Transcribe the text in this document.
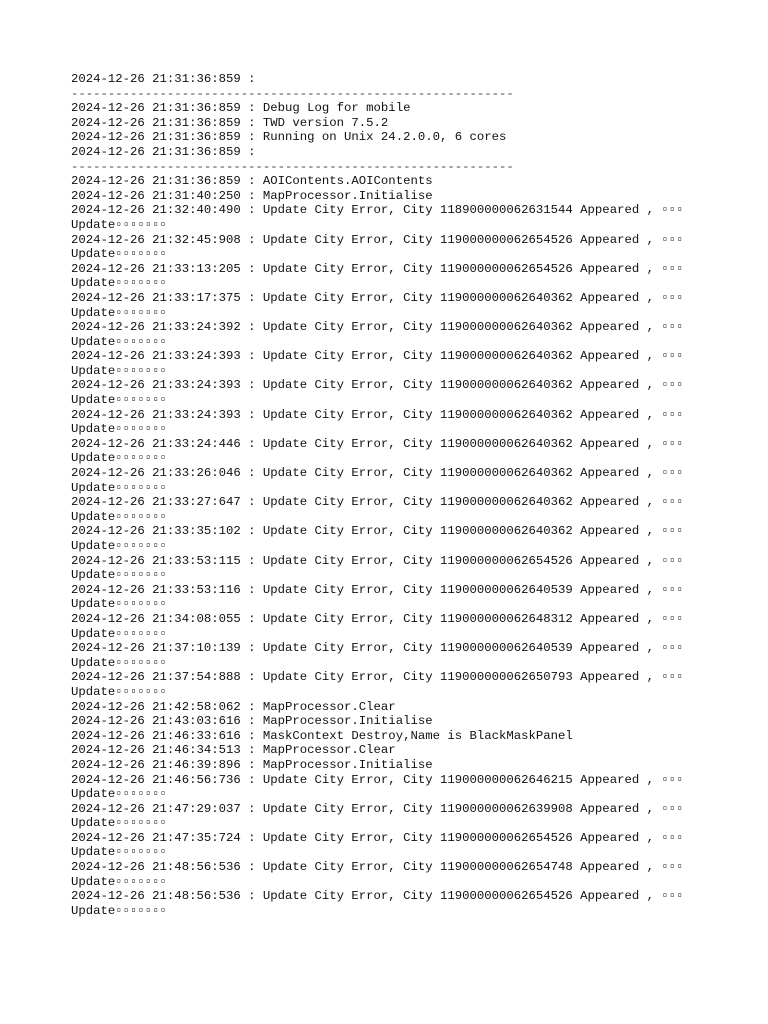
2024-12-26 21:31:36:859 :
------------------------------------------------------------
2024-12-26 21:31:36:859 : Debug Log for mobile
2024-12-26 21:31:36:859 : TWD version 7.5.2
2024-12-26 21:31:36:859 : Running on Unix 24.2.0.0, 6 cores
2024-12-26 21:31:36:859 :
------------------------------------------------------------
2024-12-26 21:31:36:859 : AOIContents.AOIContents
2024-12-26 21:31:40:250 : MapProcessor.Initialise
2024-12-26 21:32:40:490 : Update City Error, City 118900000062631544 Appeared , ▫▫▫
Update▫▫▫▫▫▫▫
2024-12-26 21:32:45:908 : Update City Error, City 119000000062654526 Appeared , ▫▫▫
Update▫▫▫▫▫▫▫
2024-12-26 21:33:13:205 : Update City Error, City 119000000062654526 Appeared , ▫▫▫
Update▫▫▫▫▫▫▫
2024-12-26 21:33:17:375 : Update City Error, City 119000000062640362 Appeared , ▫▫▫
Update▫▫▫▫▫▫▫
2024-12-26 21:33:24:392 : Update City Error, City 119000000062640362 Appeared , ▫▫▫
Update▫▫▫▫▫▫▫
2024-12-26 21:33:24:393 : Update City Error, City 119000000062640362 Appeared , ▫▫▫
Update▫▫▫▫▫▫▫
2024-12-26 21:33:24:393 : Update City Error, City 119000000062640362 Appeared , ▫▫▫
Update▫▫▫▫▫▫▫
2024-12-26 21:33:24:393 : Update City Error, City 119000000062640362 Appeared , ▫▫▫
Update▫▫▫▫▫▫▫
2024-12-26 21:33:24:446 : Update City Error, City 119000000062640362 Appeared , ▫▫▫
Update▫▫▫▫▫▫▫
2024-12-26 21:33:26:046 : Update City Error, City 119000000062640362 Appeared , ▫▫▫
Update▫▫▫▫▫▫▫
2024-12-26 21:33:27:647 : Update City Error, City 119000000062640362 Appeared , ▫▫▫
Update▫▫▫▫▫▫▫
2024-12-26 21:33:35:102 : Update City Error, City 119000000062640362 Appeared , ▫▫▫
Update▫▫▫▫▫▫▫
2024-12-26 21:33:53:115 : Update City Error, City 119000000062654526 Appeared , ▫▫▫
Update▫▫▫▫▫▫▫
2024-12-26 21:33:53:116 : Update City Error, City 119000000062640539 Appeared , ▫▫▫
Update▫▫▫▫▫▫▫
2024-12-26 21:34:08:055 : Update City Error, City 119000000062648312 Appeared , ▫▫▫
Update▫▫▫▫▫▫▫
2024-12-26 21:37:10:139 : Update City Error, City 119000000062640539 Appeared , ▫▫▫
Update▫▫▫▫▫▫▫
2024-12-26 21:37:54:888 : Update City Error, City 119000000062650793 Appeared , ▫▫▫
Update▫▫▫▫▫▫▫
2024-12-26 21:42:58:062 : MapProcessor.Clear
2024-12-26 21:43:03:616 : MapProcessor.Initialise
2024-12-26 21:46:33:616 : MaskContext Destroy,Name is BlackMaskPanel
2024-12-26 21:46:34:513 : MapProcessor.Clear
2024-12-26 21:46:39:896 : MapProcessor.Initialise
2024-12-26 21:46:56:736 : Update City Error, City 119000000062646215 Appeared , ▫▫▫
Update▫▫▫▫▫▫▫
2024-12-26 21:47:29:037 : Update City Error, City 119000000062639908 Appeared , ▫▫▫
Update▫▫▫▫▫▫▫
2024-12-26 21:47:35:724 : Update City Error, City 119000000062654526 Appeared , ▫▫▫
Update▫▫▫▫▫▫▫
2024-12-26 21:48:56:536 : Update City Error, City 119000000062654748 Appeared , ▫▫▫
Update▫▫▫▫▫▫▫
2024-12-26 21:48:56:536 : Update City Error, City 119000000062654526 Appeared , ▫▫▫
Update▫▫▫▫▫▫▫
